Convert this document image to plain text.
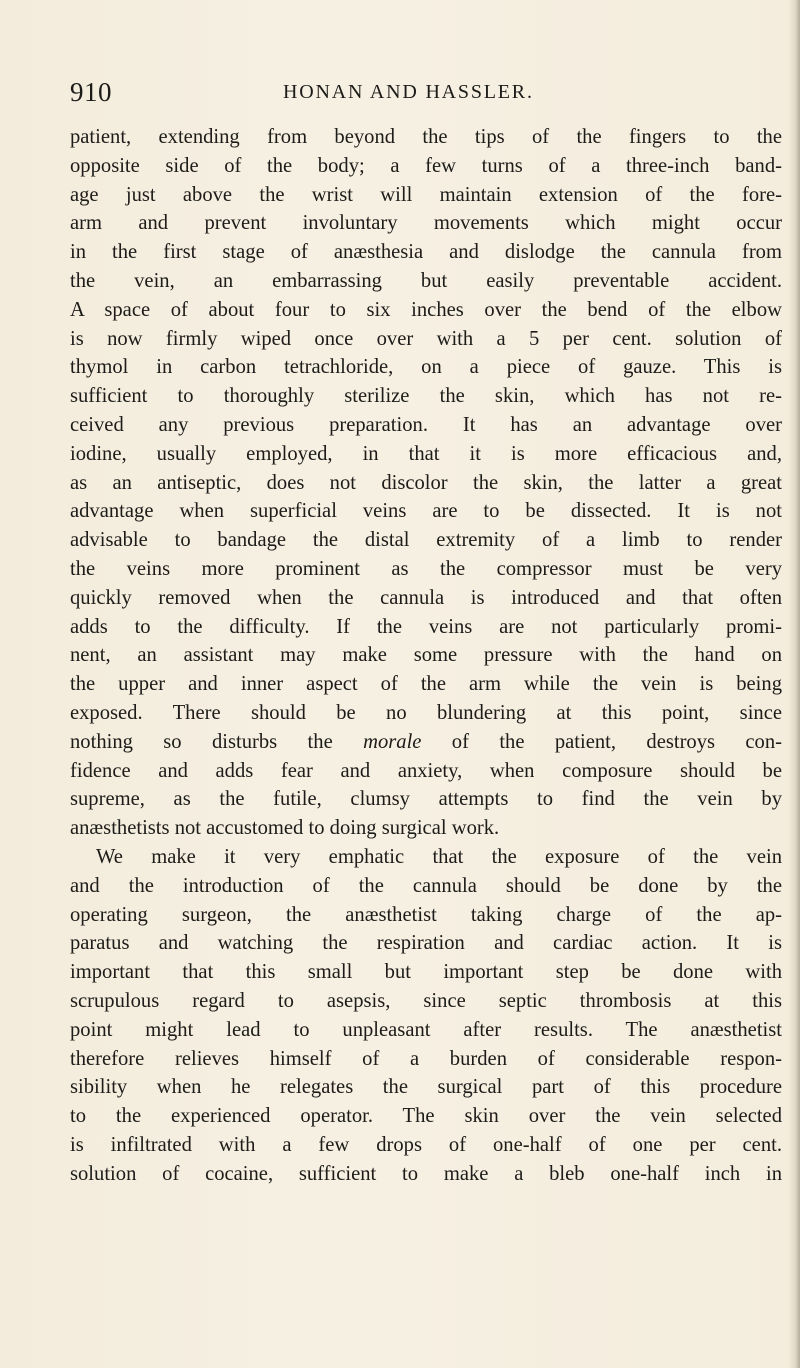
910	HONAN AND HASSLER.

patient, extending from beyond the tips of the fingers to the
opposite side of the body; a few turns of a three-inch band-
age just above the wrist will maintain extension of the fore-
arm and prevent involuntary movements which might occur
in the first stage of anæsthesia and dislodge the cannula from
the vein, an embarrassing but easily preventable accident.
A space of about four to six inches over the bend of the elbow
is now firmly wiped once over with a 5 per cent. solution of
thymol in carbon tetrachloride, on a piece of gauze. This is
sufficient to thoroughly sterilize the skin, which has not re-
ceived any previous preparation. It has an advantage over
iodine, usually employed, in that it is more efficacious and,
as an antiseptic, does not discolor the skin, the latter a great
advantage when superficial veins are to be dissected. It is not
advisable to bandage the distal extremity of a limb to render
the veins more prominent as the compressor must be very
quickly removed when the cannula is introduced and that often
adds to the difficulty. If the veins are not particularly promi-
nent, an assistant may make some pressure with the hand on
the upper and inner aspect of the arm while the vein is being
exposed. There should be no blundering at this point, since
nothing so disturbs the morale of the patient, destroys con-
fidence and adds fear and anxiety, when composure should be
supreme, as the futile, clumsy attempts to find the vein by
anæsthetists not accustomed to doing surgical work.

We make it very emphatic that the exposure of the vein
and the introduction of the cannula should be done by the
operating surgeon, the anæsthetist taking charge of the ap-
paratus and watching the respiration and cardiac action. It is
important that this small but important step be done with
scrupulous regard to asepsis, since septic thrombosis at this
point might lead to unpleasant after results. The anæsthetist
therefore relieves himself of a burden of considerable respon-
sibility when he relegates the surgical part of this procedure
to the experienced operator. The skin over the vein selected
is infiltrated with a few drops of one-half of one per cent.
solution of cocaine, sufficient to make a bleb one-half inch in
